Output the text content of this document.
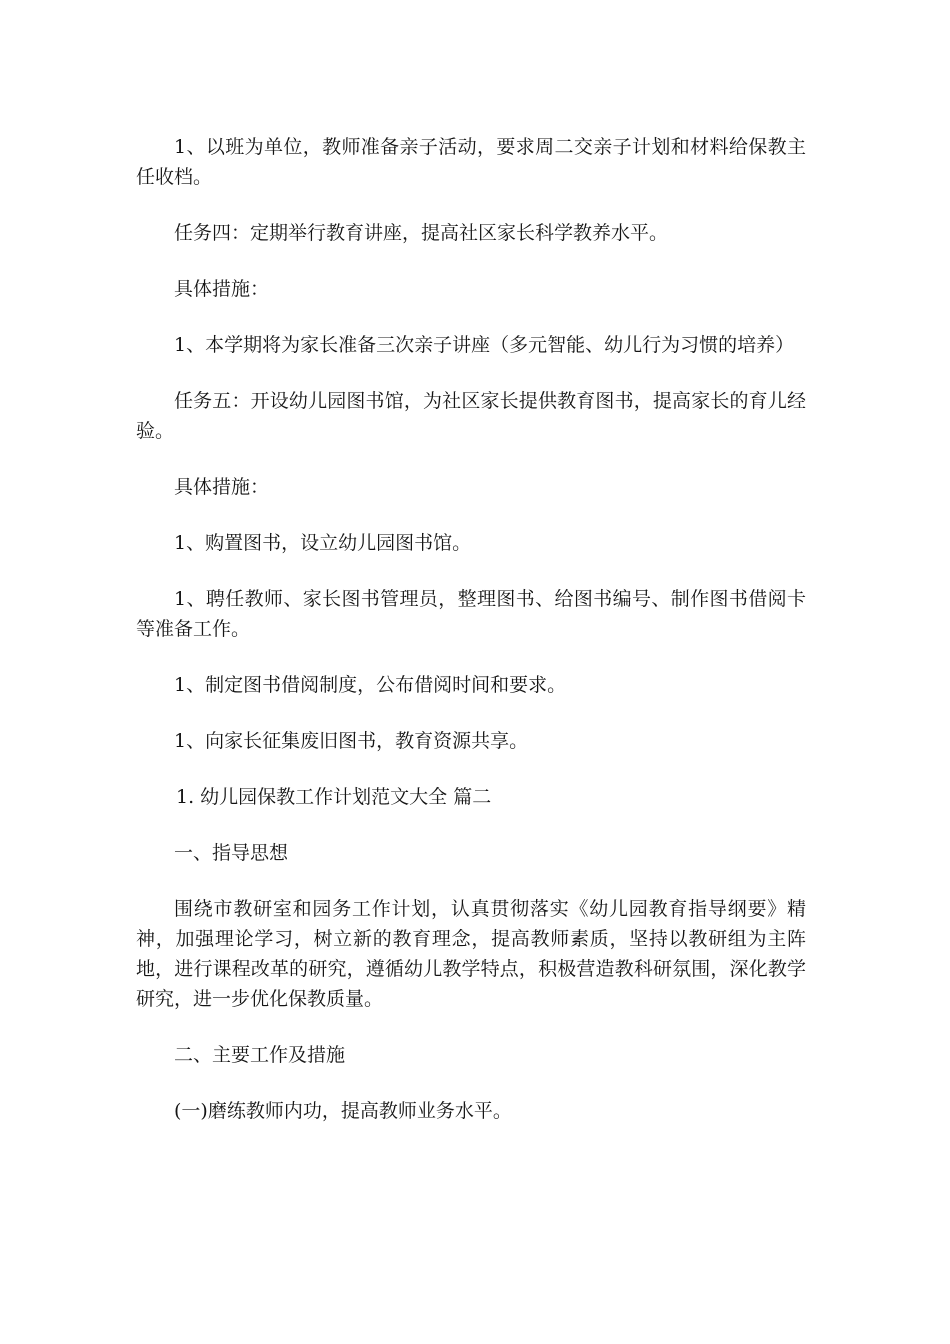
1、以班为单位，教师准备亲子活动，要求周二交亲子计划和材料给保教主任收档。

任务四：定期举行教育讲座，提高社区家长科学教养水平。

具体措施：

1、本学期将为家长准备三次亲子讲座（多元智能、幼儿行为习惯的培养）

任务五：开设幼儿园图书馆，为社区家长提供教育图书，提高家长的育儿经验。

具体措施：

1、购置图书，设立幼儿园图书馆。

1、聘任教师、家长图书管理员，整理图书、给图书编号、制作图书借阅卡等准备工作。

1、制定图书借阅制度，公布借阅时间和要求。

1、向家长征集废旧图书，教育资源共享。

1. 幼儿园保教工作计划范文大全 篇二

一、指导思想

围绕市教研室和园务工作计划，认真贯彻落实《幼儿园教育指导纲要》精神，加强理论学习，树立新的教育理念，提高教师素质，坚持以教研组为主阵地，进行课程改革的研究，遵循幼儿教学特点，积极营造教科研氛围，深化教学研究，进一步优化保教质量。

二、主要工作及措施

(一)磨练教师内功，提高教师业务水平。
